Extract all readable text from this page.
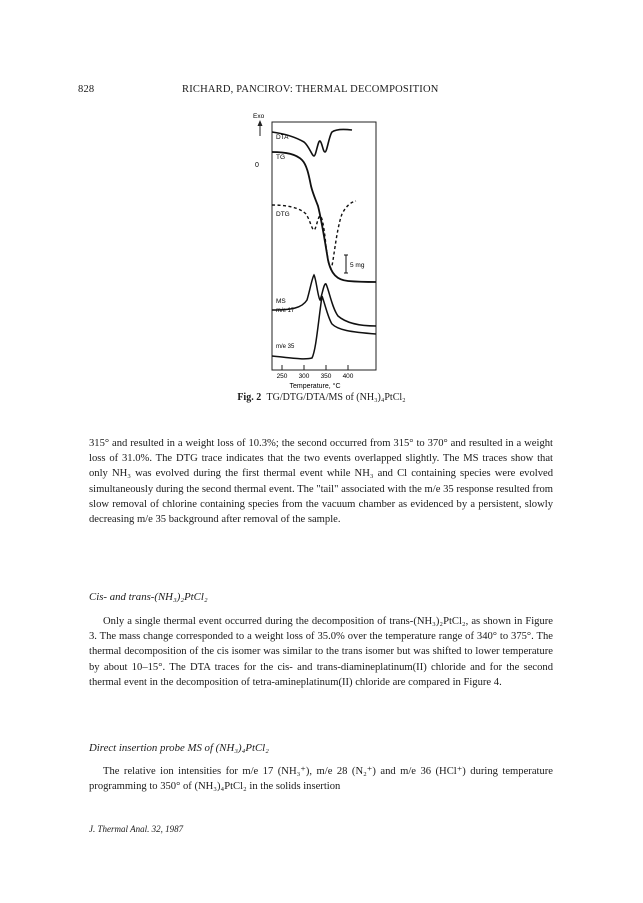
828	RICHARD, PANCIROV: THERMAL DECOMPOSITION
Exo
0
DTA
TG
DTG
5 mg
MS
m/e 17
m/e 35
250 300 350 400
Temperature, °C
Fig. 2 TG/DTG/DTA/MS of (NH₃)₄PtCl₂

315° and resulted in a weight loss of 10.3%; the second occurred from 315° to 370° and resulted in a weight loss of 31.0%. The DTG trace indicates that the two events overlapped slightly. The MS traces show that only NH₃ was evolved during the first thermal event while NH₃ and Cl containing species were evolved simultaneously during the second thermal event. The "tail" associated with the m/e 35 response resulted from slow removal of chlorine containing species from the vacuum chamber as evidenced by a persistent, slowly decreasing m/e 35 background after removal of the sample.

Cis- and trans-(NH₃)₂PtCl₂

Only a single thermal event occurred during the decomposition of trans-(NH₃)₂PtCl₂, as shown in Figure 3. The mass change corresponded to a weight loss of 35.0% over the temperature range of 340° to 375°. The thermal decomposition of the cis isomer was similar to the trans isomer but was shifted to lower temperature by about 10–15°. The DTA traces for the cis- and trans-diamineplatinum(II) chloride and for the second thermal event in the decomposition of tetra-amineplatinum(II) chloride are compared in Figure 4.

Direct insertion probe MS of (NH₃)₄PtCl₂

The relative ion intensities for m/e 17 (NH₃⁺), m/e 28 (N₂⁺) and m/e 36 (HCl⁺) during temperature programming to 350° of (NH₃)₄PtCl₂ in the solids insertion

J. Thermal Anal. 32, 1987
